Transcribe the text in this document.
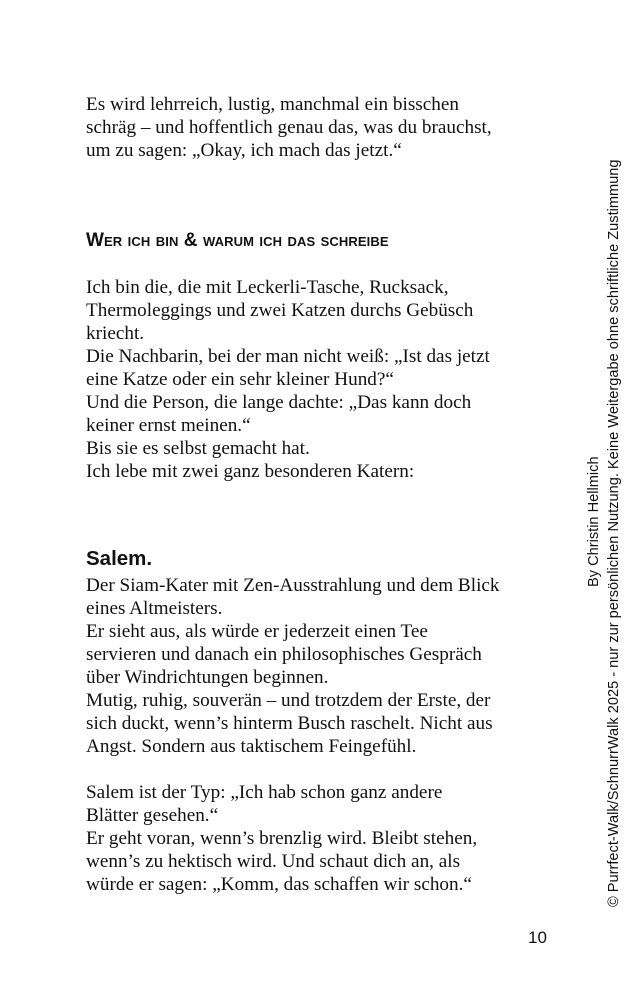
Es wird lehrreich, lustig, manchmal ein bisschen

schräg – und hoffentlich genau das, was du brauchst,

um zu sagen: „Okay, ich mach das jetzt.“

Wer ich bin & warum ich das schreibe

Ich bin die, die mit Leckerli-Tasche, Rucksack,

Thermoleggings und zwei Katzen durchs Gebüsch

kriecht.

Die Nachbarin, bei der man nicht weiß: „Ist das jetzt

eine Katze oder ein sehr kleiner Hund?“

Und die Person, die lange dachte: „Das kann doch

keiner ernst meinen.“

Bis sie es selbst gemacht hat.

Ich lebe mit zwei ganz besonderen Katern:

Salem.

Der Siam-Kater mit Zen-Ausstrahlung und dem Blick

eines Altmeisters.

Er sieht aus, als würde er jederzeit einen Tee

servieren und danach ein philosophisches Gespräch

über Windrichtungen beginnen.

Mutig, ruhig, souverän – und trotzdem der Erste, der

sich duckt, wenn’s hinterm Busch raschelt. Nicht aus

Angst. Sondern aus taktischem Feingefühl.

Salem ist der Typ: „Ich hab schon ganz andere

Blätter gesehen.“

Er geht voran, wenn’s brenzlig wird. Bleibt stehen,

wenn’s zu hektisch wird. Und schaut dich an, als

würde er sagen: „Komm, das schaffen wir schon.“

10
By Christin Hellmich © Purrfect-Walk/SchnurrWalk 2025 - nur zur persönlichen Nutzung. Keine Weitergabe ohne schriftliche Zustimmung
